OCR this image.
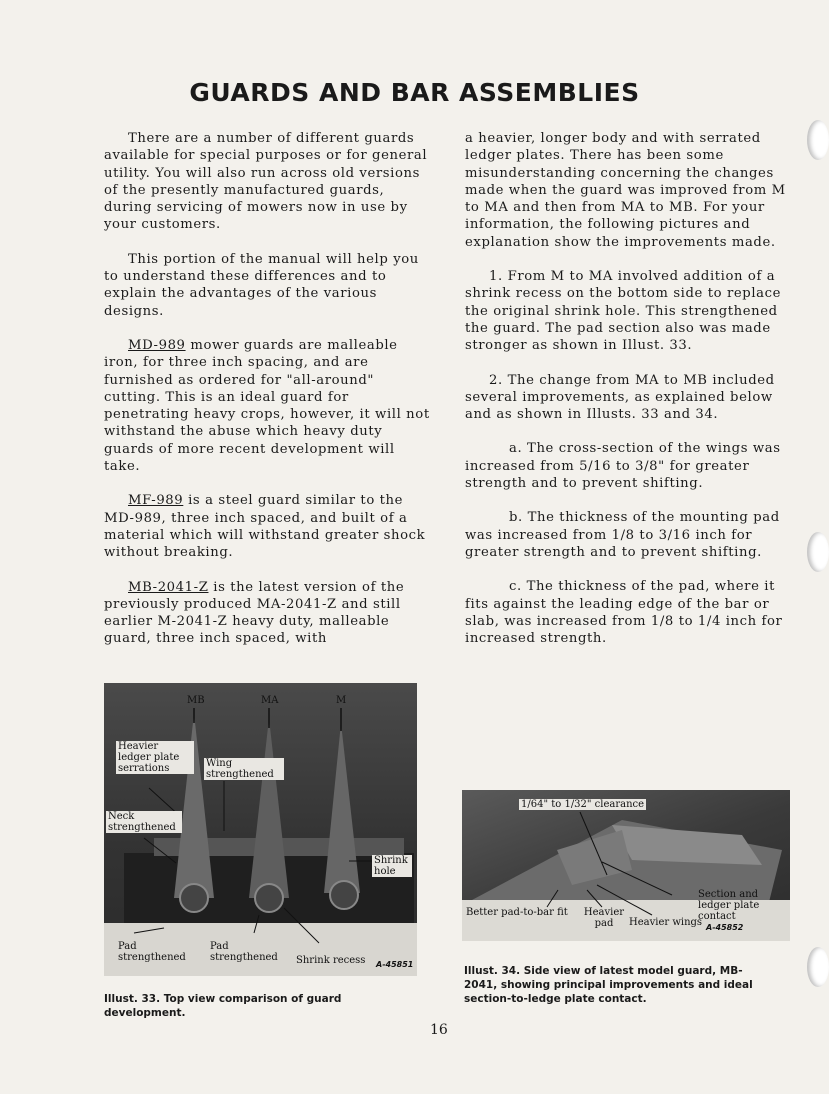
GUARDS AND BAR ASSEMBLIES

There are a number of different guards available for special purposes or for general utility. You will also run across old versions of the presently manufactured guards, during servicing of mowers now in use by your customers.

This portion of the manual will help you to understand these differences and to explain the advantages of the various designs.

MD-989 mower guards are malleable iron, for three inch spacing, and are furnished as ordered for "all-around" cutting. This is an ideal guard for penetrating heavy crops, however, it will not withstand the abuse which heavy duty guards of more recent development will take.

MF-989 is a steel guard similar to the MD-989, three inch spaced, and built of a material which will withstand greater shock without breaking.

MB-2041-Z is the latest version of the previously produced MA-2041-Z and still earlier M-2041-Z heavy duty, malleable guard, three inch spaced, with

a heavier, longer body and with serrated ledger plates. There has been some misunderstanding concerning the changes made when the guard was improved from M to MA and then from MA to MB. For your information, the following pictures and explanation show the improvements made.

1. From M to MA involved addition of a shrink recess on the bottom side to replace the original shrink hole. This strengthened the guard. The pad section also was made stronger as shown in Illust. 33.

2. The change from MA to MB included several improvements, as explained below and as shown in Illusts. 33 and 34.

a. The cross-section of the wings was increased from 5/16 to 3/8" for greater strength and to prevent shifting.

b. The thickness of the mounting pad was increased from 1/8 to 3/16 inch for greater strength and to prevent shifting.

c. The thickness of the pad, where it fits against the leading edge of the bar or slab, was increased from 1/8 to 1/4 inch for increased strength.

MB	MA	M
Heavier ledger plate serrations	Wing strengthened
Neck strengthened
Shrink hole
Pad strengthened
Pad strengthened	Shrink recess A-45851
Illust. 33. Top view comparison of guard development.
1/64" to 1/32" clearance
Section and ledger plate contact
Better pad-to-bar fit Heavier pad	Heavier wings A-45852
Illust. 34. Side view of latest model guard, MB-2041, showing principal improvements and ideal section-to-ledge plate contact.
16
